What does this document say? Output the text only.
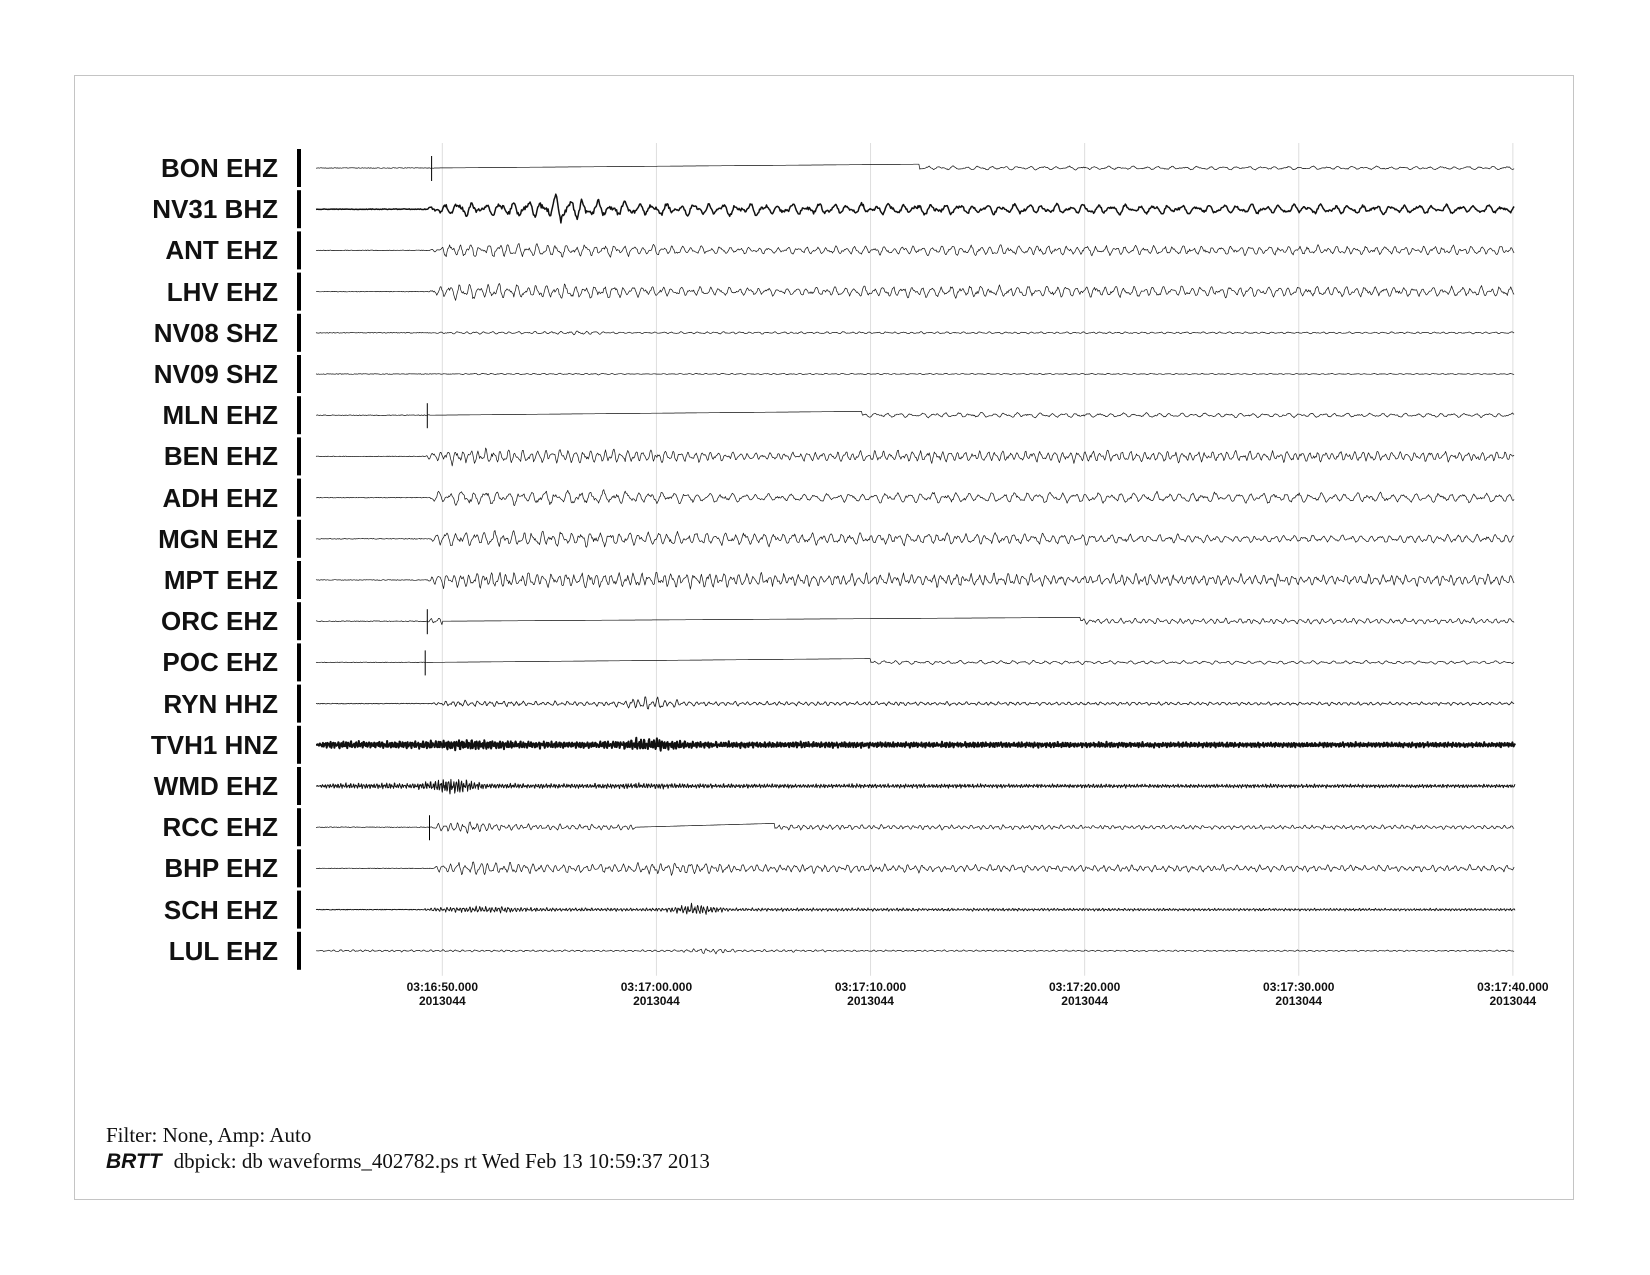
03:16:50.000
2013044
03:17:00.000
2013044
03:17:10.000
2013044
03:17:20.000
2013044
03:17:30.000
2013044
03:17:40.000
2013044
BON EHZ
NV31 BHZ
ANT EHZ
LHV EHZ
NV08 SHZ
NV09 SHZ
MLN EHZ
BEN EHZ
ADH EHZ
MGN EHZ
MPT EHZ
ORC EHZ
POC EHZ
RYN HHZ
TVH1 HNZ
WMD EHZ
RCC EHZ
BHP EHZ
SCH EHZ
LUL EHZ
Filter: None, Amp: Auto
BRTT dbpick: db waveforms_402782.ps rt Wed Feb 13 10:59:37 2013
